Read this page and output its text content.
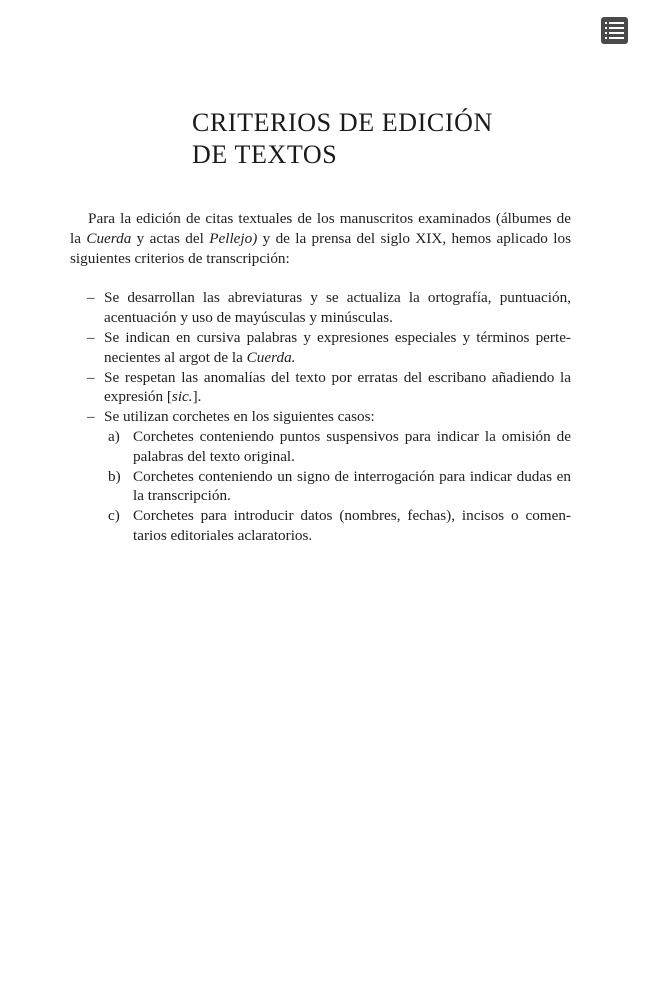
CRITERIOS DE EDICIÓN
DE TEXTOS

Para la edición de citas textuales de los manuscritos examinados (álbumes de la Cuerda y actas del Pellejo) y de la prensa del siglo XIX, hemos aplicado los siguientes criterios de transcripción:

– Se desarrollan las abreviaturas y se actualiza la ortografía, puntuación, acentuación y uso de mayúsculas y minúsculas.
– Se indican en cursiva palabras y expresiones especiales y términos perte- necientes al argot de la Cuerda.
– Se respetan las anomalías del texto por erratas del escribano añadiendo la expresión [sic.].
– Se utilizan corchetes en los siguientes casos:
a) Corchetes conteniendo puntos suspensivos para indicar la omisión de palabras del texto original.
b) Corchetes conteniendo un signo de interrogación para indicar dudas en la transcripción.
c) Corchetes para introducir datos (nombres, fechas), incisos o comen- tarios editoriales aclaratorios.
